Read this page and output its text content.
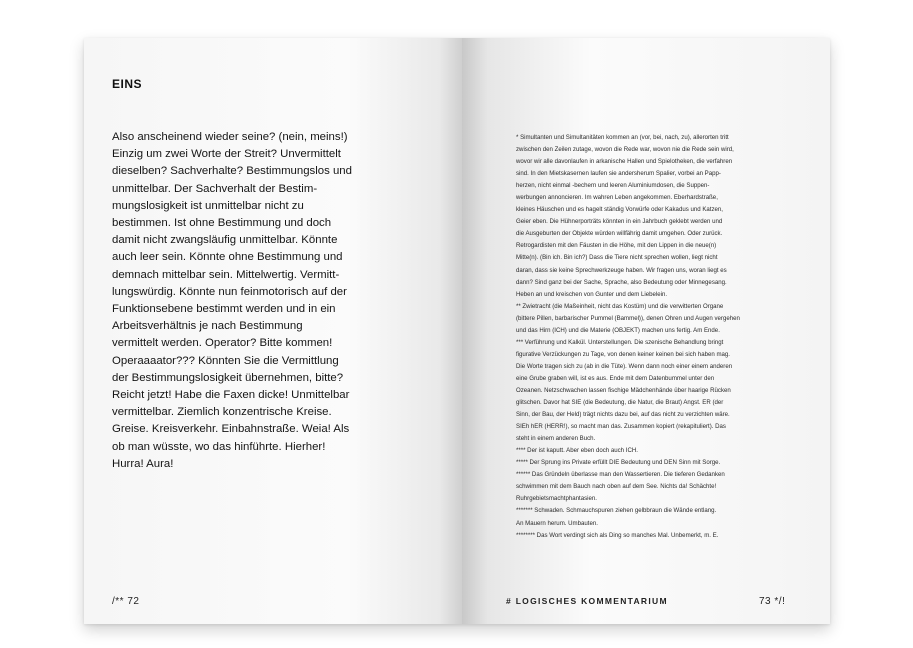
EINS

Also anscheinend wieder seine? (nein, meins!)
Einzig um zwei Worte der Streit? Unvermittelt
dieselben? Sachverhalte? Bestimmungslos und
unmittelbar. Der Sachverhalt der Bestim-
mungslosigkeit ist unmittelbar nicht zu
bestimmen. Ist ohne Bestimmung und doch
damit nicht zwangsläufig unmittelbar. Könnte
auch leer sein. Könnte ohne Bestimmung und
demnach mittelbar sein. Mittelwertig. Vermitt-
lungswürdig. Könnte nun feinmotorisch auf der
Funktionsebene bestimmt werden und in ein
Arbeitsverhältnis je nach Bestimmung
vermittelt werden. Operator? Bitte kommen!
Operaaaator??? Könnten Sie die Vermittlung
der Bestimmungslosigkeit übernehmen, bitte?
Reicht jetzt! Habe die Faxen dicke! Unmittelbar
vermittelbar. Ziemlich konzentrische Kreise.
Greise. Kreisverkehr. Einbahnstraße. Weia! Als
ob man wüsste, wo das hinführte. Hierher!
Hurra! Aura!

/** 72

* Simultanten und Simultanitäten kommen an (vor, bei, nach, zu), allerorten tritt
zwischen den Zeilen zutage, wovon die Rede war, wovon nie die Rede sein wird,
wovor wir alle davonlaufen in arkanische Hallen und Spielotheken, die verfahren
sind. In den Mietskasernen laufen sie andersherum Spalier, vorbei an Papp-
herzen, nicht einmal -bechern und leeren Aluminiumdosen, die Suppen-
werbungen annoncieren. Im wahren Leben angekommen. Eberhardstraße,
kleines Häuschen und es hagelt ständig Vorwürfe oder Kakadus und Katzen,
Geier eben. Die Hühnerporträts könnten in ein Jahrbuch geklebt werden und
die Ausgeburten der Objekte würden willfährig damit umgehen. Oder zurück.
Retrogardisten mit den Fäusten in die Höhe, mit den Lippen in die neue(n)
Mitte(n). (Bin ich. Bin ich?) Dass die Tiere nicht sprechen wollen, liegt nicht
daran, dass sie keine Sprechwerkzeuge haben. Wir fragen uns, woran liegt es
dann? Sind ganz bei der Sache, Sprache, also Bedeutung oder Minnegesang.
Heben an und kreischen von Gunter und dem Liebelein.
** Zwietracht (die Maßeinheit, nicht das Kostüm) und die verwitterten Organe
(bittere Pillen, barbarischer Pummel (Bammel)), denen Ohren und Augen vergehen
und das Hirn (ICH) und die Materie (OBJEKT) machen uns fertig. Am Ende.
*** Verführung und Kalkül. Unterstellungen. Die szenische Behandlung bringt
figurative Verzückungen zu Tage, von denen keiner keinen bei sich haben mag.
Die Worte tragen sich zu (ab in die Tüte). Wenn dann noch einer einem anderen
eine Grube graben will, ist es aus. Ende mit dem Datenbummel unter den
Ozeanen. Netzschwachen lassen fischige Mädchenhände über haarige Rücken
glitschen. Davor hat SIE (die Bedeutung, die Natur, die Braut) Angst. ER (der
Sinn, der Bau, der Held) trägt nichts dazu bei, auf das nicht zu verzichten wäre.
SIEh hER (HERR!), so macht man das. Zusammen kopiert (rekapituliert). Das
steht in einem anderen Buch.
**** Der ist kaputt. Aber eben doch auch ICH.
***** Der Sprung ins Private erfüllt DIE Bedeutung und DEN Sinn mit Sorge.
****** Das Gründeln überlasse man den Wassertieren. Die tieferen Gedanken
schwimmen mit dem Bauch nach oben auf dem See. Nichts da! Schächte!
Ruhrgebietsmachtphantasien.
******* Schwaden. Schmauchspuren ziehen gelbbraun die Wände entlang.
An Mauern herum. Umbauten.
******** Das Wort verdingt sich als Ding so manches Mal. Unbemerkt, m. E.

# LOGISCHES KOMMENTARIUM	73 */!
